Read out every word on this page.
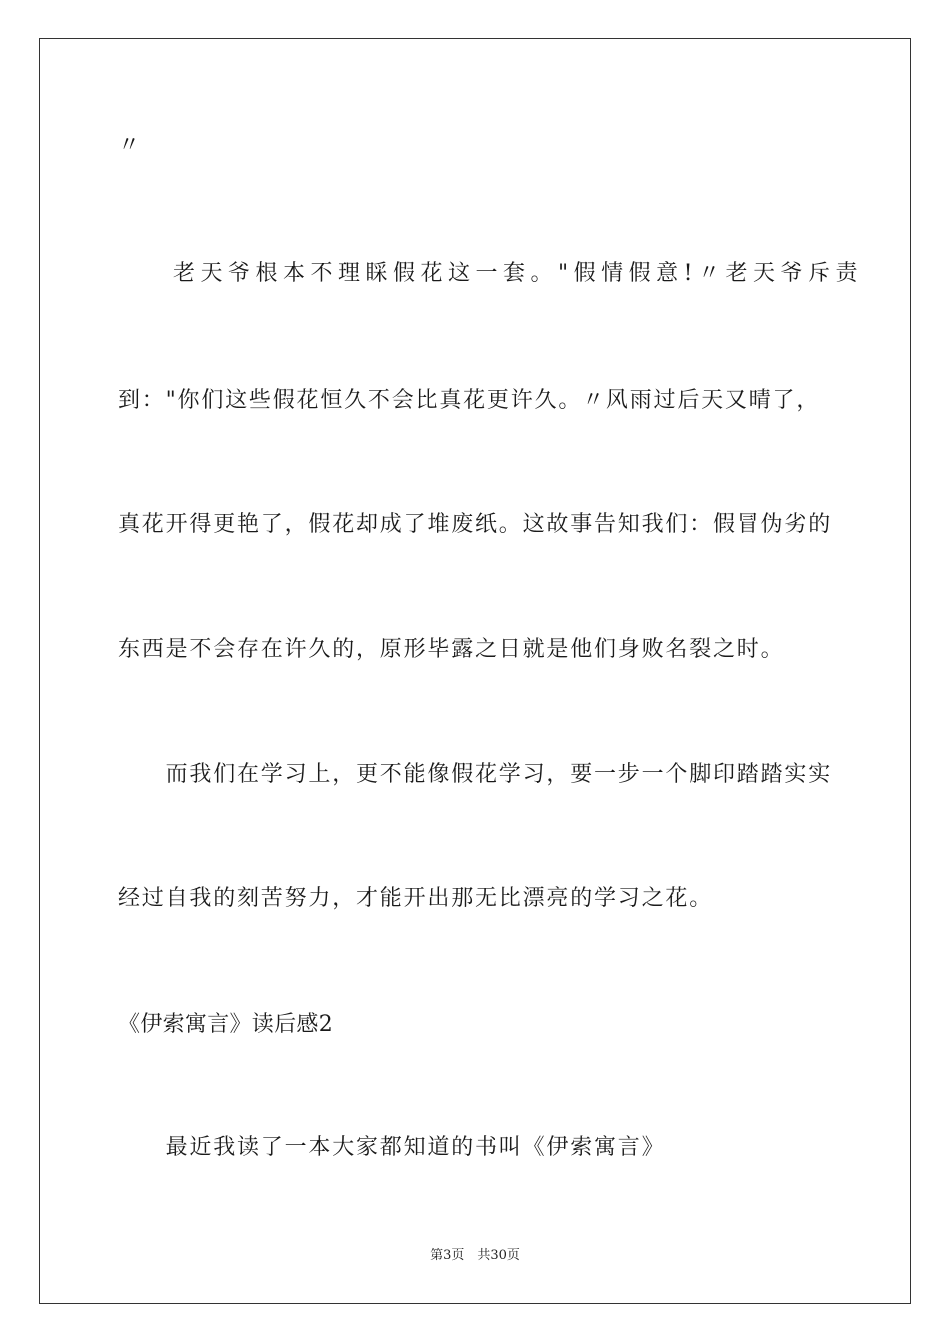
〃
　　老天爷根本不理睬假花这一套。"假情假意!〃老天爷斥责
到："你们这些假花恒久不会比真花更许久。〃风雨过后天又晴了，
真花开得更艳了，假花却成了堆废纸。这故事告知我们：假冒伪劣的
东西是不会存在许久的，原形毕露之日就是他们身败名裂之时。
　　而我们在学习上，更不能像假花学习，要一步一个脚印踏踏实实
经过自我的刻苦努力，才能开出那无比漂亮的学习之花。
《伊索寓言》读后感2
　　最近我读了一本大家都知道的书叫《伊索寓言》
第3页　共30页
